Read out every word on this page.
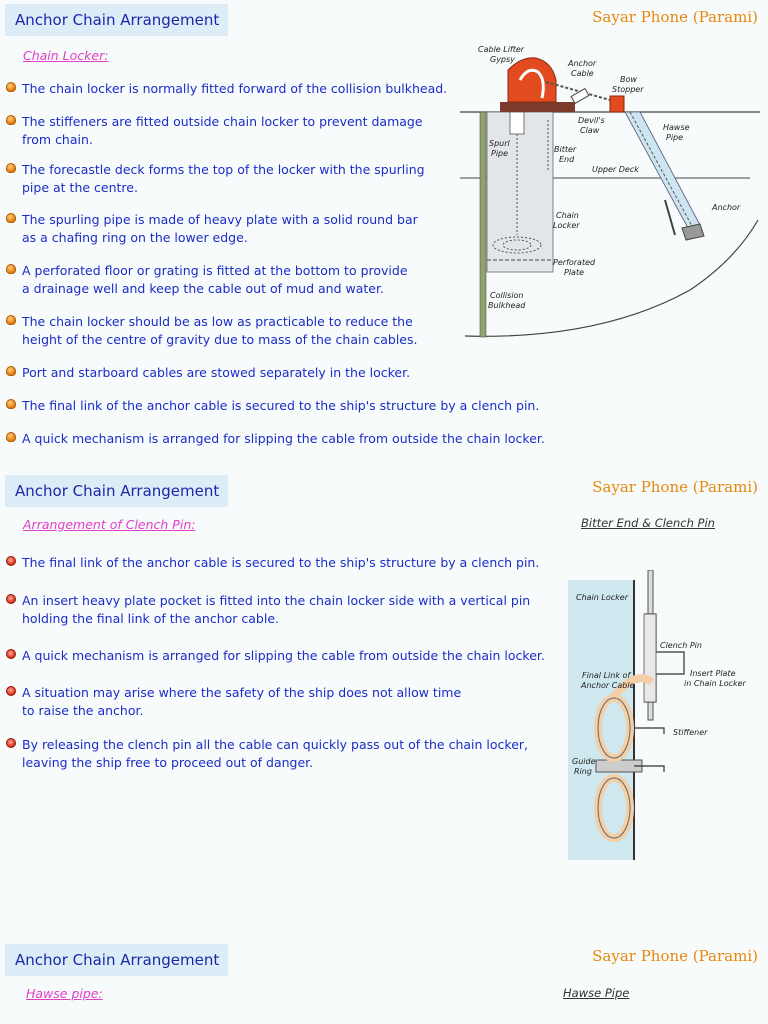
Anchor Chain Arrangement	Sayar Phone (Parami)
Chain Locker:
The chain locker is normally fitted forward of the collision bulkhead.
The stiffeners are fitted outside chain locker to prevent damage
from chain.
The forecastle deck forms the top of the locker with the spurling
pipe at the centre.
The spurling pipe is made of heavy plate with a solid round bar
as a chafing ring on the lower edge.
A perforated floor or grating is fitted at the bottom to provide
a drainage well and keep the cable out of mud and water.
The chain locker should be as low as practicable to reduce the
height of the centre of gravity due to mass of the chain cables.
Port and starboard cables are stowed separately in the locker.
The final link of the anchor cable is secured to the ship's structure by a clench pin.
A quick mechanism is arranged for slipping the cable from outside the chain locker.
Cable Lifter
Gypsy	Anchor
Cable
Bow
Stopper
Devil's
Claw	Hawse
Pipe
Spurl
Pipe	Bitter
End
Upper Deck
Anchor
Chain
Locker
Perforated
Plate
Collision
Bulkhead
Anchor Chain Arrangement	Sayar Phone (Parami)
Arrangement of Clench Pin:	Bitter End & Clench Pin
The final link of the anchor cable is secured to the ship's structure by a clench pin.
An insert heavy plate pocket is fitted into the chain locker side with a vertical pin
holding the final link of the anchor cable.
A quick mechanism is arranged for slipping the cable from outside the chain locker.
A situation may arise where the safety of the ship does not allow time
to raise the anchor.
By releasing the clench pin all the cable can quickly pass out of the chain locker,
leaving the ship free to proceed out of danger.
Chain Locker
Clench Pin
Final Link of
Anchor Cable
Insert Plate
in Chain Locker
Stiffener
Guide
Ring
Anchor Chain Arrangement	Sayar Phone (Parami)
Hawse pipe:	Hawse Pipe
